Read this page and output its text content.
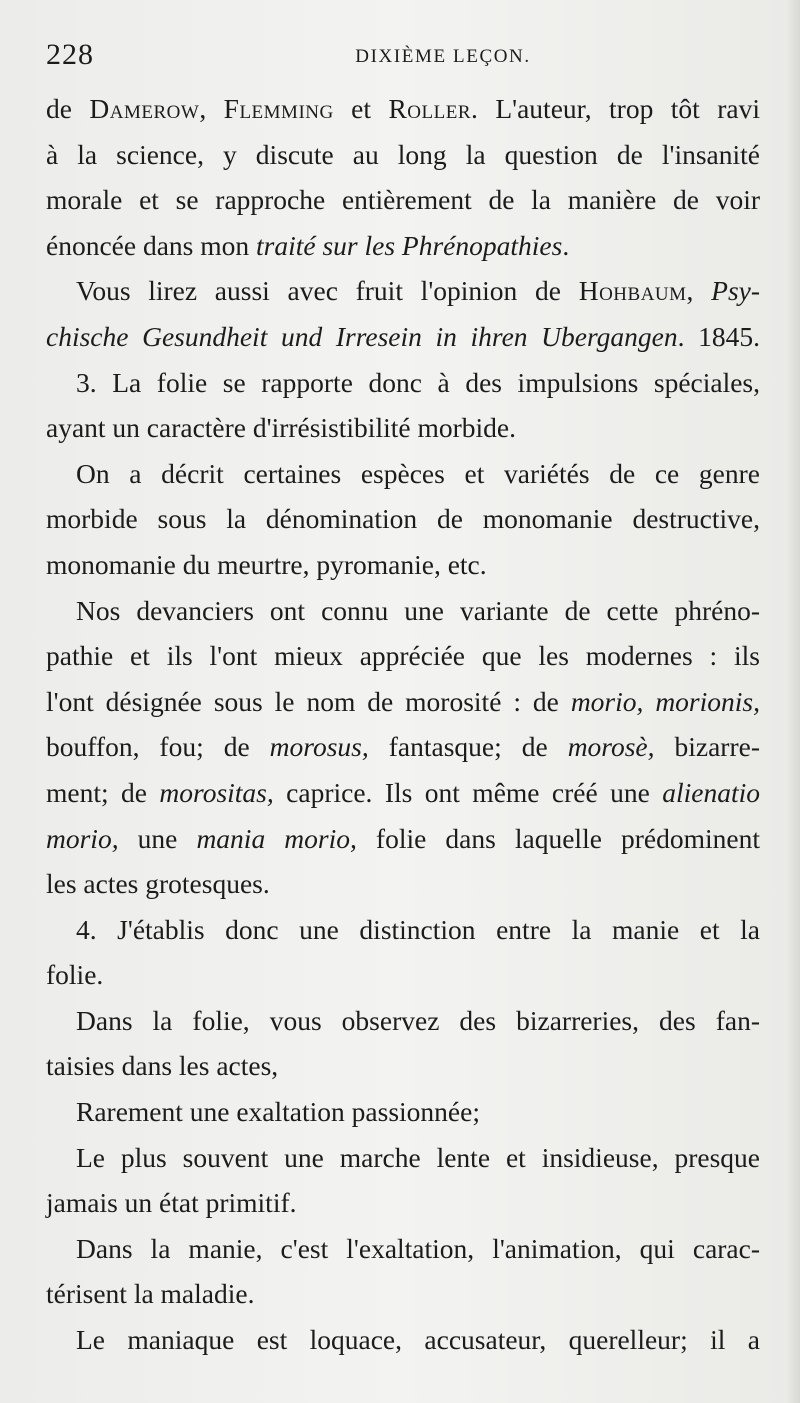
228	DIXIÈME LEÇON.
de Damerow, Flemming et Roller. L'auteur, trop tôt ravi
à la science, y discute au long la question de l'insanité
morale et se rapproche entièrement de la manière de voir
énoncée dans mon traité sur les Phrénopathies.
Vous lirez aussi avec fruit l'opinion de Hohbaum, Psy-
chische Gesundheit und Irresein in ihren Ubergangen. 1845.
3. La folie se rapporte donc à des impulsions spéciales,
ayant un caractère d'irrésistibilité morbide.
On a décrit certaines espèces et variétés de ce genre
morbide sous la dénomination de monomanie destructive,
monomanie du meurtre, pyromanie, etc.
Nos devanciers ont connu une variante de cette phréno-
pathie et ils l'ont mieux appréciée que les modernes : ils
l'ont désignée sous le nom de morosité : de morio, morionis,
bouffon, fou; de morosus, fantasque; de morosè, bizarre-
ment; de morositas, caprice. Ils ont même créé une alienatio
morio, une mania morio, folie dans laquelle prédominent
les actes grotesques.
4. J'établis donc une distinction entre la manie et la
folie.
Dans la folie, vous observez des bizarreries, des fan-
taisies dans les actes,
Rarement une exaltation passionnée;
Le plus souvent une marche lente et insidieuse, presque
jamais un état primitif.
Dans la manie, c'est l'exaltation, l'animation, qui carac-
térisent la maladie.
Le maniaque est loquace, accusateur, querelleur; il a
